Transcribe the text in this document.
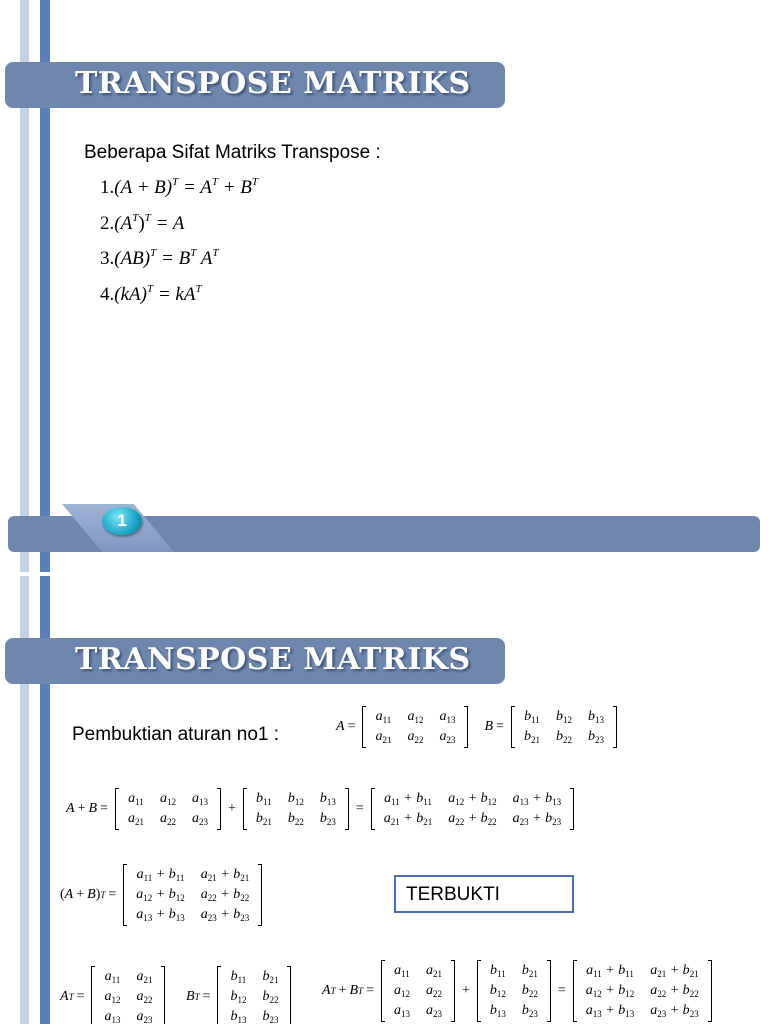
TRANSPOSE MATRIKS
Beberapa Sifat Matriks Transpose :
$1.(A + B)^T = A^T + B^T$
$2.(A^T)^T = A$
$3.(AB)^T = B^T$ $A^T$
$4.(kA)^T = kA^T$
1
TRANSPOSE MATRIKS
Pembuktian aturan no1 :	A =
$a_{11}$	$a_{12}$	$a_{13}$
$a_{21}$	$a_{22}$	$a_{23}$
B =
$b_{11}$	$b_{12}$	$b_{13}$
$b_{21}$	$b_{22}$	$b_{23}$
A + B =
$a_{11}$	$a_{12}$	$a_{13}$
$a_{21}$	$a_{22}$	$a_{23}$
+
$b_{11}$	$b_{12}$	$b_{13}$
$b_{21}$	$b_{22}$	$b_{23}$
=
$a_{11} + b_{11}$	$a_{12} + b_{12}$	$a_{13} + b_{13}$
$a_{21} + b_{21}$	$a_{22} + b_{22}$	$a_{23} + b_{23}$
( A + B ) T =
$a_{11} + b_{11}$	$a_{21} + b_{21}$
$a_{12} + b_{12}$	$a_{22} + b_{22}$
$a_{13} + b_{13}$	$a_{23} + b_{23}$
TERBUKTI
A T =
$a_{11}$	$a_{21}$
$a_{12}$	$a_{22}$
$a_{13}$	$a_{23}$
B T =
$b_{11}$	$b_{21}$
$b_{12}$	$b_{22}$
$b_{13}$	$b_{23}$
A T + B T =
$a_{11}$	$a_{21}$
$a_{12}$	$a_{22}$
$a_{13}$	$a_{23}$
+
$b_{11}$	$b_{21}$
$b_{12}$	$b_{22}$
$b_{13}$	$b_{23}$
=
$a_{11} + b_{11}$	$a_{21} + b_{21}$
$a_{12} + b_{12}$	$a_{22} + b_{22}$
$a_{13} + b_{13}$	$a_{23} + b_{23}$
